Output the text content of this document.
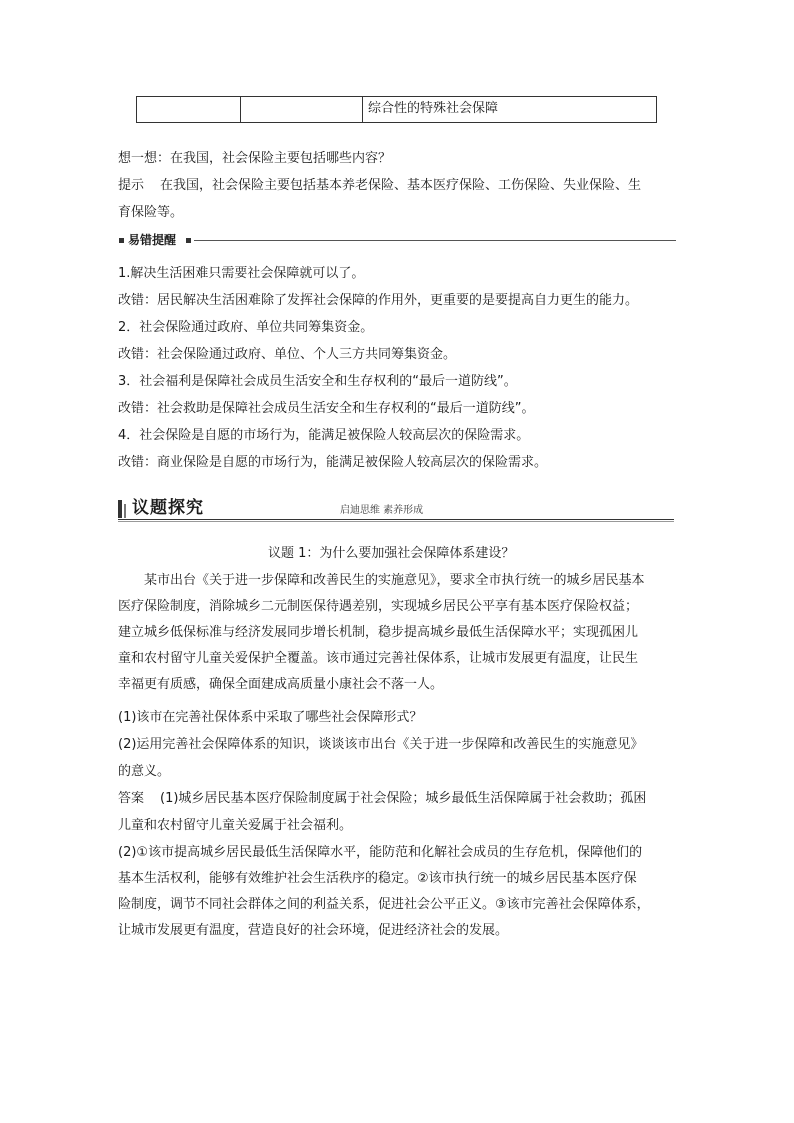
综合性的特殊社会保障
想一想：在我国，社会保险主要包括哪些内容？
提示 在我国，社会保险主要包括基本养老保险、基本医疗保险、工伤保险、失业保险、生
育保险等。
易错提醒
1.解决生活困难只需要社会保障就可以了。
改错：居民解决生活困难除了发挥社会保障的作用外，更重要的是要提高自力更生的能力。
2．社会保险通过政府、单位共同筹集资金。
改错：社会保险通过政府、单位、个人三方共同筹集资金。
3．社会福利是保障社会成员生活安全和生存权利的“最后一道防线”。
改错：社会救助是保障社会成员生活安全和生存权利的“最后一道防线”。
4．社会保险是自愿的市场行为，能满足被保险人较高层次的保险需求。
改错：商业保险是自愿的市场行为，能满足被保险人较高层次的保险需求。
议题探究	启迪思维 素养形成
议题 1：为什么要加强社会保障体系建设？
某市出台《关于进一步保障和改善民生的实施意见》，要求全市执行统一的城乡居民基本
医疗保险制度，消除城乡二元制医保待遇差别，实现城乡居民公平享有基本医疗保险权益；
建立城乡低保标准与经济发展同步增长机制，稳步提高城乡最低生活保障水平；实现孤困儿
童和农村留守儿童关爱保护全覆盖。该市通过完善社保体系，让城市发展更有温度，让民生
幸福更有质感，确保全面建成高质量小康社会不落一人。
(1)该市在完善社保体系中采取了哪些社会保障形式？
(2)运用完善社会保障体系的知识，谈谈该市出台《关于进一步保障和改善民生的实施意见》
的意义。
答案 (1)城乡居民基本医疗保险制度属于社会保险；城乡最低生活保障属于社会救助；孤困
儿童和农村留守儿童关爱属于社会福利。
(2)①该市提高城乡居民最低生活保障水平，能防范和化解社会成员的生存危机，保障他们的
基本生活权利，能够有效维护社会生活秩序的稳定。②该市执行统一的城乡居民基本医疗保
险制度，调节不同社会群体之间的利益关系，促进社会公平正义。③该市完善社会保障体系，
让城市发展更有温度，营造良好的社会环境，促进经济社会的发展。
